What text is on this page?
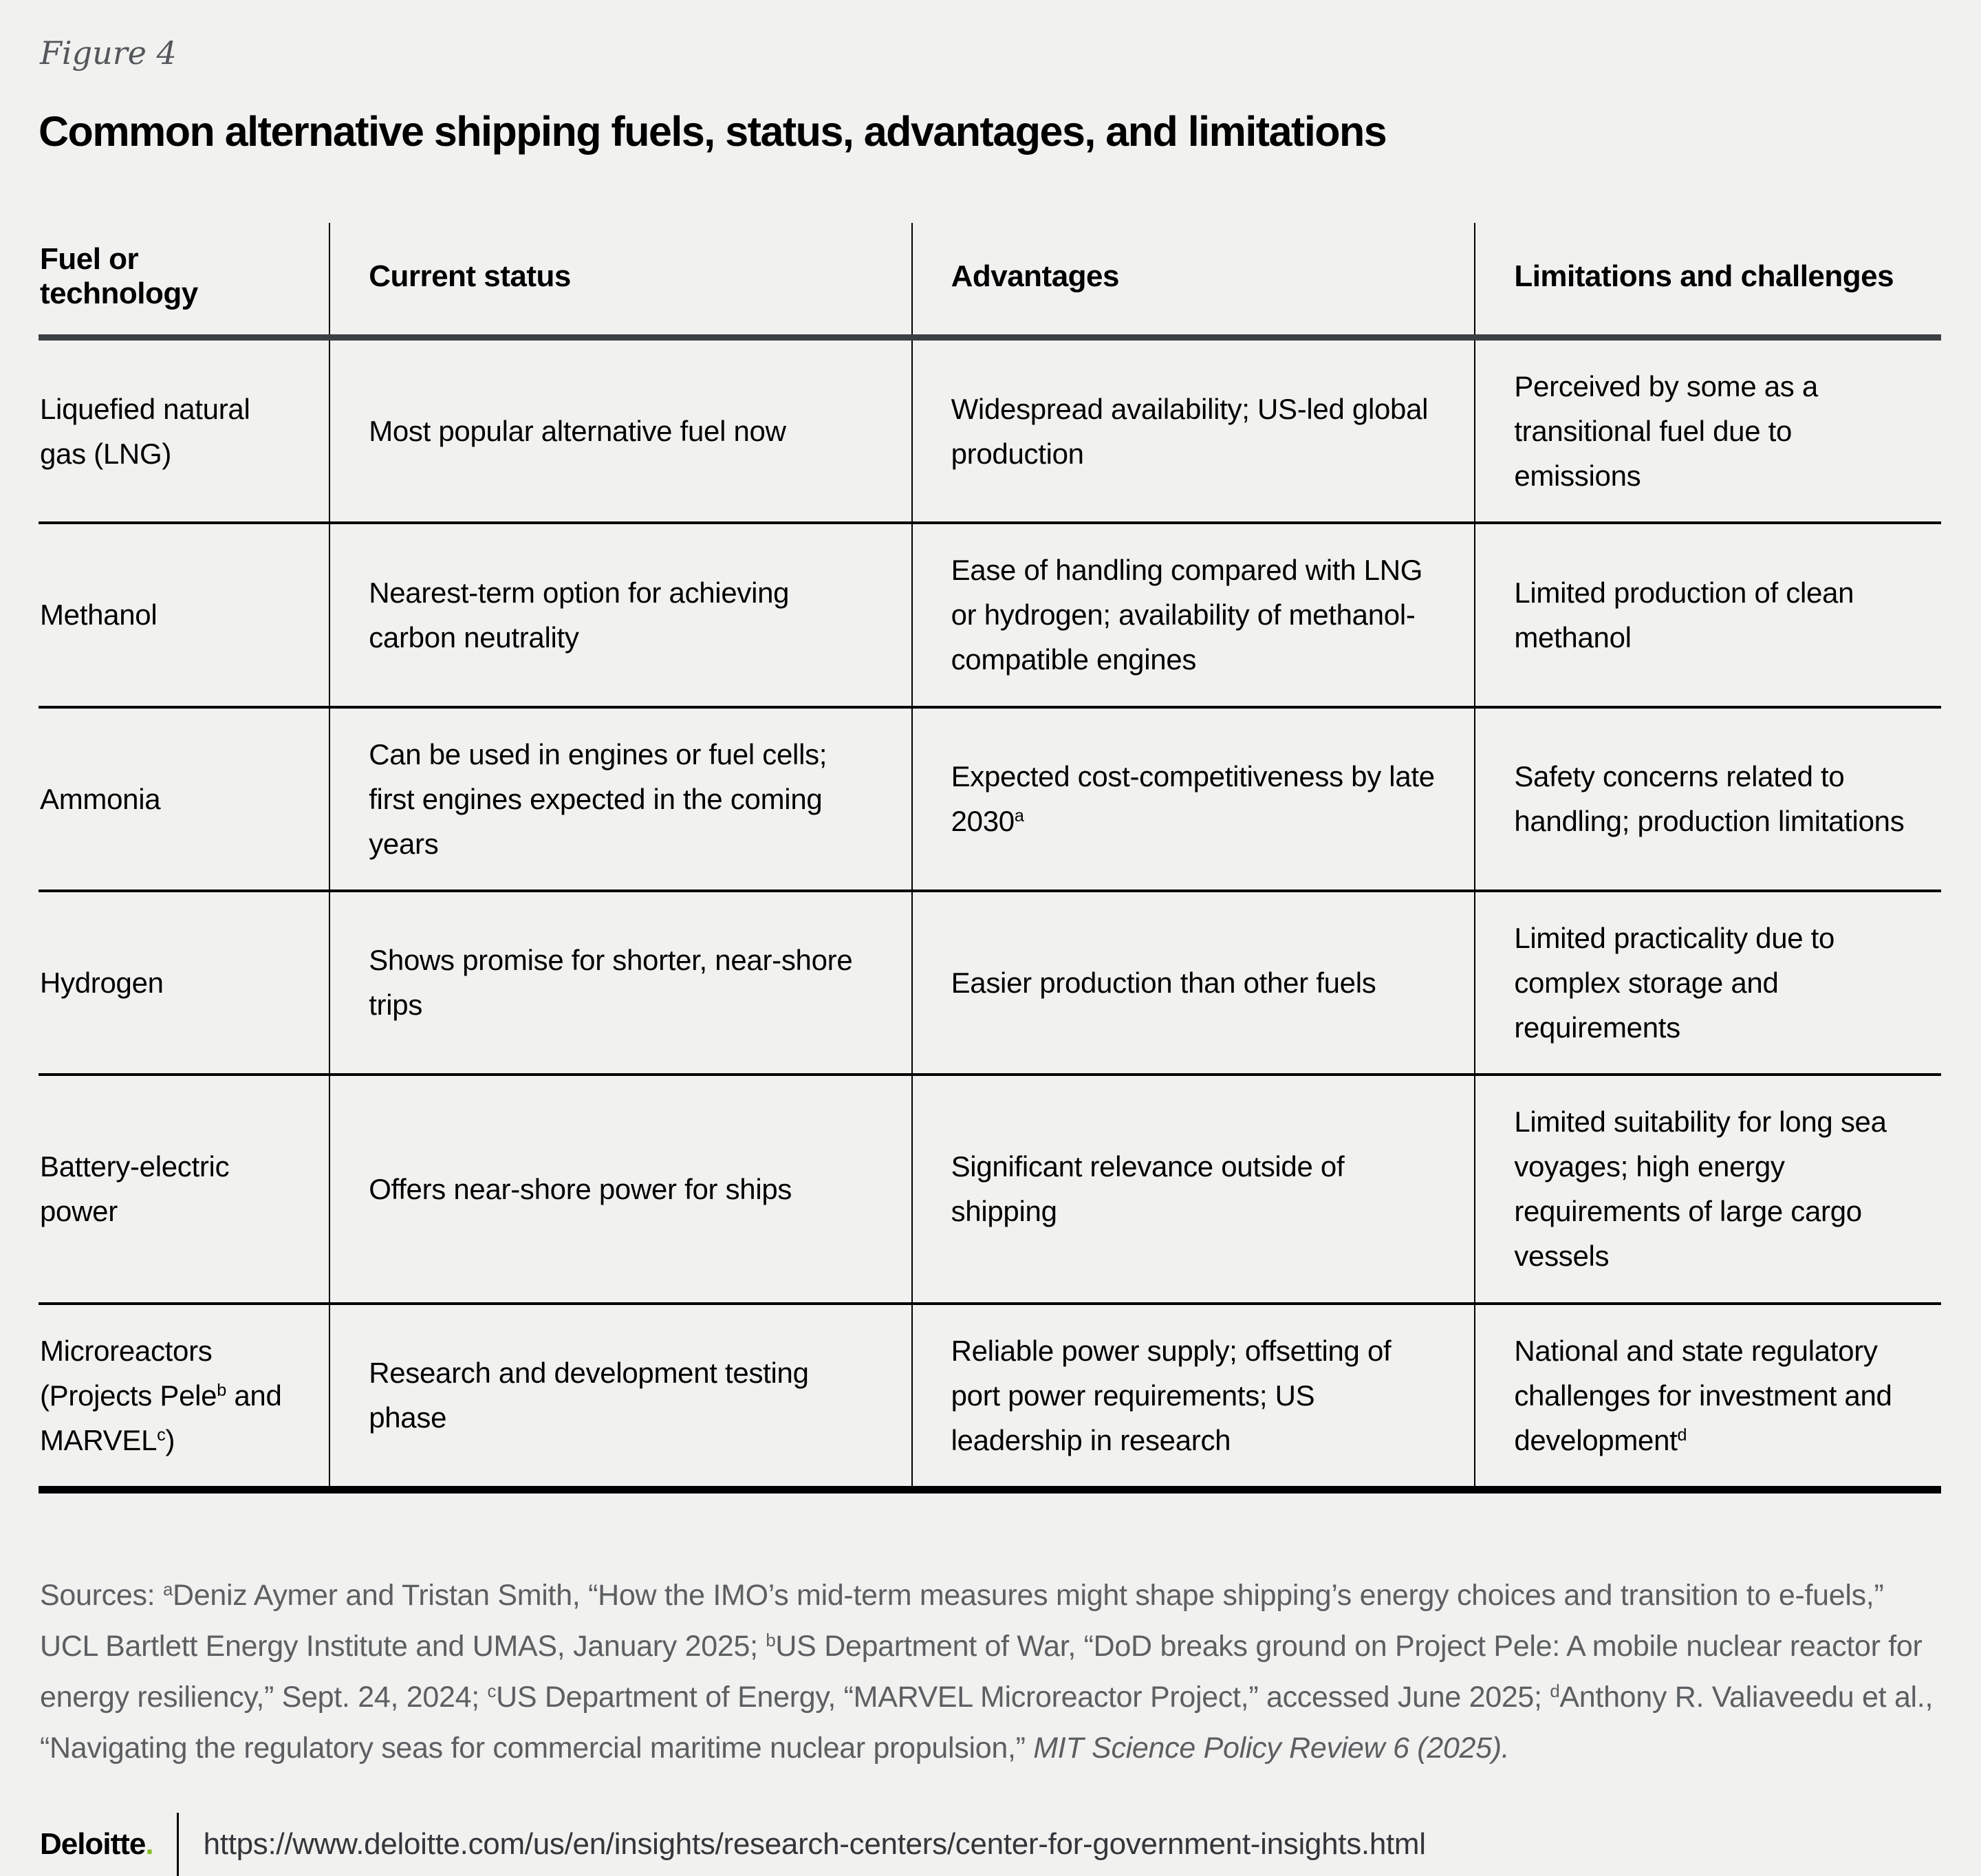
Figure 4
Common alternative shipping fuels, status, advantages, and limitations
Fuel or technology	Current status	Advantages	Limitations and challenges
Liquefied natural gas (LNG)	Most popular alternative fuel now	Widespread availability; US-led global production	Perceived by some as a transitional fuel due to emissions
Methanol	Nearest-term option for achieving carbon neutrality	Ease of handling compared with LNG or hydrogen; availability of methanol-compatible engines	Limited production of clean methanol
Ammonia	Can be used in engines or fuel cells; first engines expected in the coming years	Expected cost-competitiveness by late 2030$^a$	Safety concerns related to handling; production limitations
Hydrogen	Shows promise for shorter, near-shore trips	Easier production than other fuels	Limited practicality due to complex storage and requirements
Battery-electric power	Offers near-shore power for ships	Significant relevance outside of shipping	Limited suitability for long sea voyages; high energy requirements of large cargo vessels
Microreactors (Projects Pele$^b$ and MARVEL$^c$)	Research and development testing phase	Reliable power supply; offsetting of port power requirements; US leadership in research	National and state regulatory challenges for investment and development$^d$

Sources: $^a$Deniz Aymer and Tristan Smith, “How the IMO’s mid-term measures might shape shipping’s energy choices and transition to e-fuels,”
UCL Bartlett Energy Institute and UMAS, January 2025; $^b$US Department of War, “DoD breaks ground on Project Pele: A mobile nuclear reactor for
energy resiliency,” Sept. 24, 2024; $^c$US Department of Energy, “MARVEL Microreactor Project,” accessed June 2025; $^d$Anthony R. Valiaveedu et al.,
“Navigating the regulatory seas for commercial maritime nuclear propulsion,” MIT Science Policy Review 6 (2025).

Deloitte. https://www.deloitte.com/us/en/insights/research-centers/center-for-government-insights.html
